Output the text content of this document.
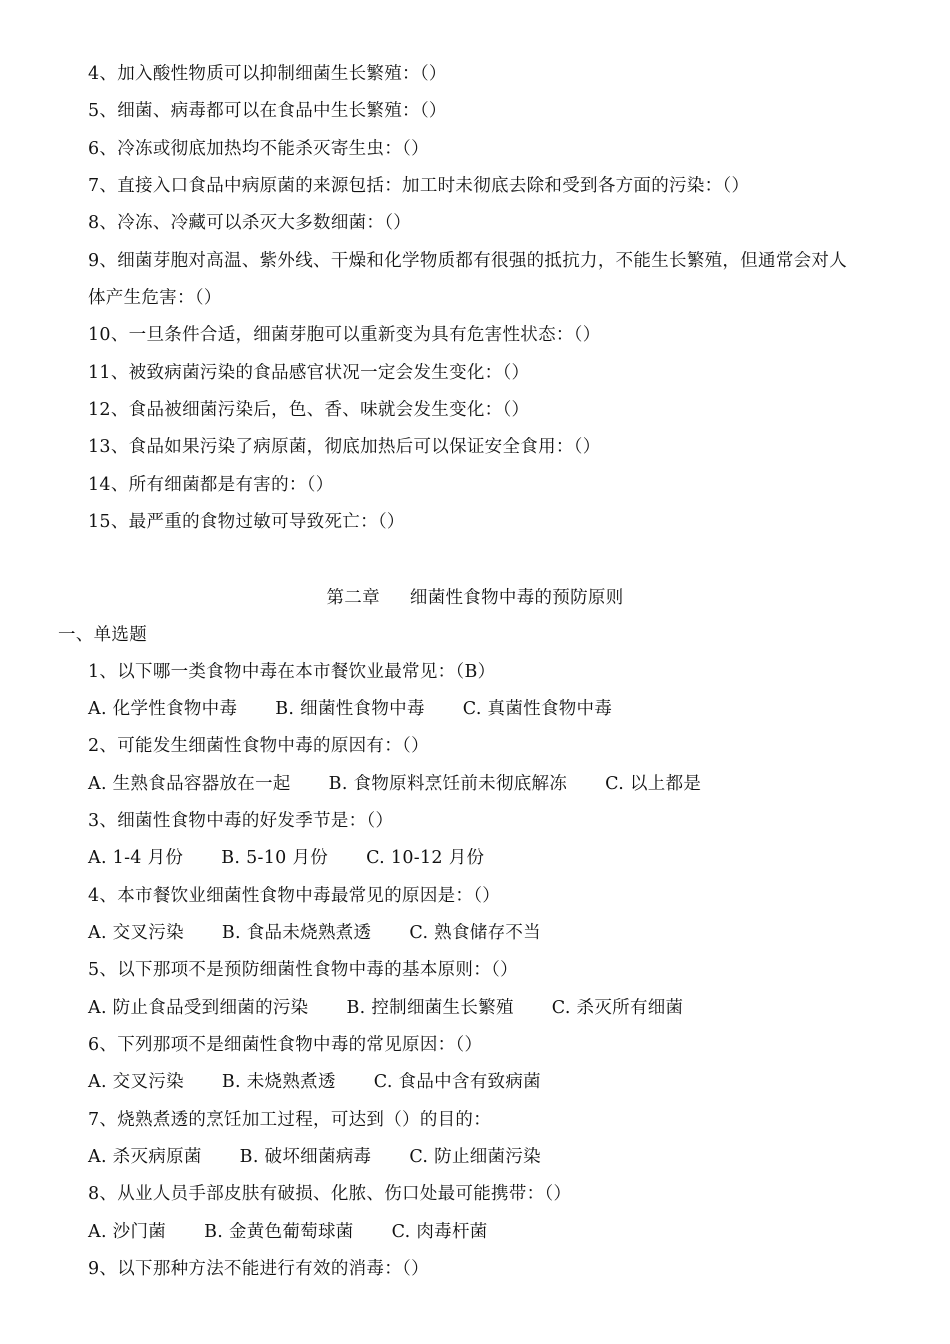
4、加入酸性物质可以抑制细菌生长繁殖：（）
5、细菌、病毒都可以在食品中生长繁殖：（）
6、冷冻或彻底加热均不能杀灭寄生虫：（）
7、直接入口食品中病原菌的来源包括：加工时未彻底去除和受到各方面的污染：（）
8、冷冻、冷藏可以杀灭大多数细菌：（）
9、细菌芽胞对高温、紫外线、干燥和化学物质都有很强的抵抗力，不能生长繁殖，但通常会对人
体产生危害：（）
10、一旦条件合适，细菌芽胞可以重新变为具有危害性状态：（）
11、被致病菌污染的食品感官状况一定会发生变化：（）
12、食品被细菌污染后，色、香、味就会发生变化：（）
13、食品如果污染了病原菌，彻底加热后可以保证安全食用：（）
14、所有细菌都是有害的：（）
15、最严重的食物过敏可导致死亡：（）
第二章 细菌性食物中毒的预防原则
一、单选题
1、以下哪一类食物中毒在本市餐饮业最常见：（B）
A. 化学性食物中毒 B. 细菌性食物中毒 C. 真菌性食物中毒
2、可能发生细菌性食物中毒的原因有：（）
A. 生熟食品容器放在一起 B. 食物原料烹饪前未彻底解冻 C. 以上都是
3、细菌性食物中毒的好发季节是：（）
A. 1-4 月份 B. 5-10 月份 C. 10-12 月份
4、本市餐饮业细菌性食物中毒最常见的原因是：（）
A. 交叉污染 B. 食品未烧熟煮透 C. 熟食储存不当
5、以下那项不是预防细菌性食物中毒的基本原则：（）
A. 防止食品受到细菌的污染 B. 控制细菌生长繁殖 C. 杀灭所有细菌
6、下列那项不是细菌性食物中毒的常见原因：（）
A. 交叉污染 B. 未烧熟煮透 C. 食品中含有致病菌
7、烧熟煮透的烹饪加工过程，可达到（）的目的：
A. 杀灭病原菌 B. 破坏细菌病毒 C. 防止细菌污染
8、从业人员手部皮肤有破损、化脓、伤口处最可能携带：（）
A. 沙门菌 B. 金黄色葡萄球菌 C. 肉毒杆菌
9、以下那种方法不能进行有效的消毒：（）
